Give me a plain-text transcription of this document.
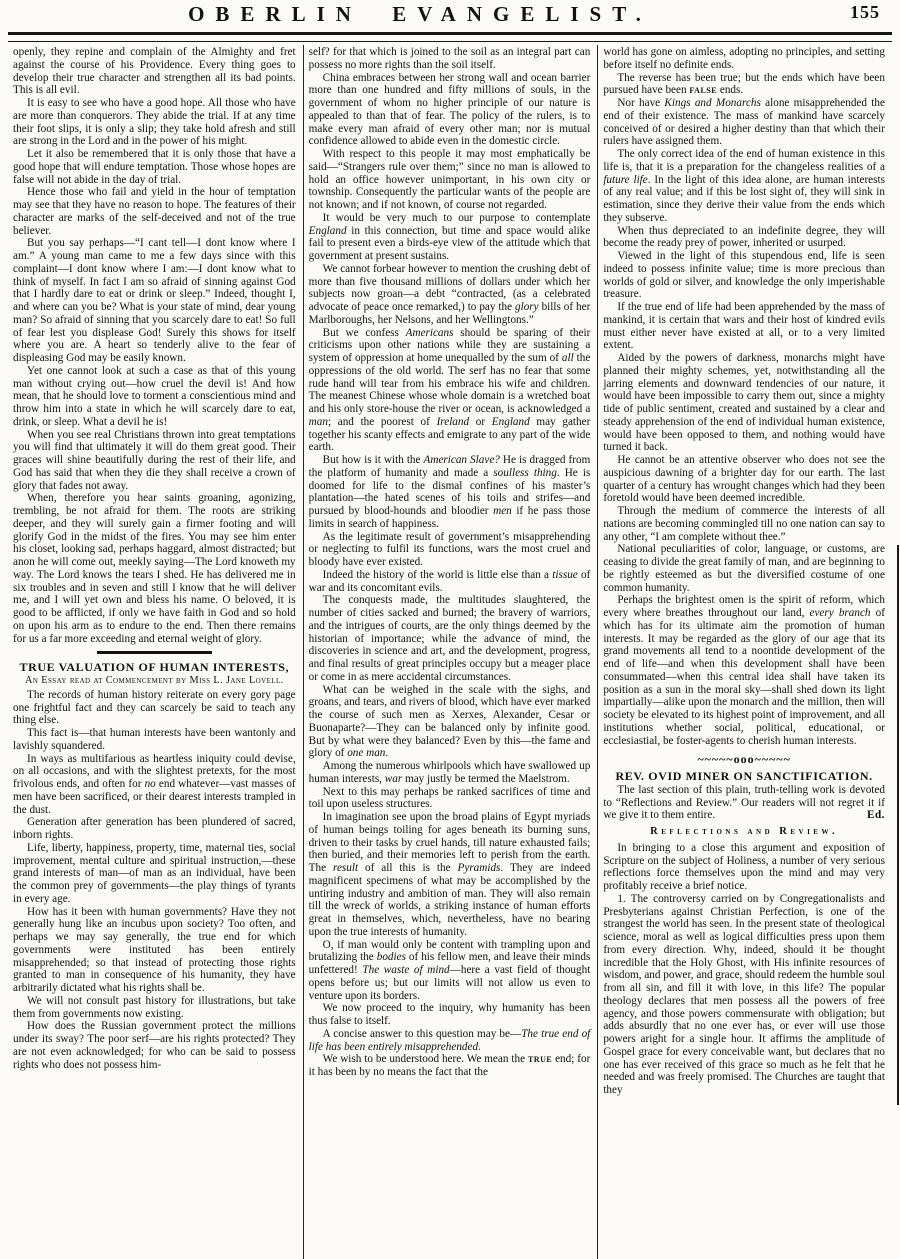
OBERLIN EVANGELIST.	155

openly, they repine and complain of the Almighty and fret against the course of his Providence. Every thing goes to develop their true character and strengthen all its bad points. This is all evil.

It is easy to see who have a good hope. All those who have are more than conquerors. They abide the trial. If at any time their foot slips, it is only a slip; they take hold afresh and still are strong in the Lord and in the power of his might.

Let it also be remembered that it is only those that have a good hope that will endure temptation. Those whose hopes are false will not abide in the day of trial.

Hence those who fail and yield in the hour of temptation may see that they have no reason to hope. The features of their character are marks of the self-deceived and not of the true believer.

But you say perhaps—“I cant tell—I dont know where I am.” A young man came to me a few days since with this complaint—I dont know where I am:—I dont know what to think of myself. In fact I am so afraid of sinning against God that I hardly dare to eat or drink or sleep.” Indeed, thought I, and where can you be? What is your state of mind, dear young man? So afraid of sinning that you scarcely dare to eat! So full of fear lest you displease God! Surely this shows for itself where you are. A heart so tenderly alive to the fear of displeasing God may be easily known.

Yet one cannot look at such a case as that of this young man without crying out—how cruel the devil is! And how mean, that he should love to torment a conscientious mind and throw him into a state in which he will scarcely dare to eat, drink, or sleep. What a devil he is!

When you see real Christians thrown into great temptations you will find that ultimately it will do them great good. Their graces will shine beautifully during the rest of their life, and God has said that when they die they shall receive a crown of glory that fades not away.

When, therefore you hear saints groaning, agonizing, trembling, be not afraid for them. The roots are striking deeper, and they will surely gain a firmer footing and will glorify God in the midst of the fires. You may see him enter his closet, looking sad, perhaps haggard, almost distracted; but anon he will come out, meekly saying—The Lord knoweth my way. The Lord knows the tears I shed. He has delivered me in six troubles and in seven and still I know that he will deliver me, and I will yet own and bless his name. O beloved, it is good to be afflicted, if only we have faith in God and so hold on upon his arm as to endure to the end. Then there remains for us a far more exceeding and eternal weight of glory.

TRUE VALUATION OF HUMAN INTERESTS,
An Essay read at Commencement by Miss L. Jane Lovell.

The records of human history reiterate on every gory page one frightful fact and they can scarcely be said to teach any thing else.

This fact is—that human interests have been wantonly and lavishly squandered.

In ways as multifarious as heartless iniquity could devise, on all occasions, and with the slightest pretexts, for the most frivolous ends, and often for no end whatever—vast masses of men have been sacrificed, or their dearest interests trampled in the dust.

Generation after generation has been plundered of sacred, inborn rights.

Life, liberty, happiness, property, time, maternal ties, social improvement, mental culture and spiritual instruction,—these grand interests of man—of man as an individual, have been the common prey of governments—the play things of tyrants in every age.

How has it been with human governments? Have they not generally hung like an incubus upon society? Too often, and perhaps we may say generally, the true end for which governments were instituted has been entirely misapprehended; so that instead of protecting those rights granted to man in consequence of his humanity, they have arbitrarily dictated what his rights shall be.

We will not consult past history for illustrations, but take them from governments now existing.

How does the Russian government protect the millions under its sway? The poor serf—are his rights protected? They are not even acknowledged; for who can be said to possess rights who does not possess him-

self? for that which is joined to the soil as an integral part can possess no more rights than the soil itself.

China embraces between her strong wall and ocean barrier more than one hundred and fifty millions of souls, in the government of whom no higher principle of our nature is appealed to than that of fear. The policy of the rulers, is to make every man afraid of every other man; nor is mutual confidence allowed to abide even in the domestic circle.

With respect to this people it may most emphatically be said—“Strangers rule over them;” since no man is allowed to hold an office however unimportant, in his own city or township. Consequently the particular wants of the people are not known; and if not known, of course not regarded.

It would be very much to our purpose to contemplate England in this connection, but time and space would alike fail to present even a birds-eye view of the attitude which that government at present sustains.

We cannot forbear however to mention the crushing debt of more than five thousand millions of dollars under which her subjects now groan—a debt “contracted, (as a celebrated advocate of peace once remarked,) to pay the glory bills of her Marlboroughs, her Nelsons, and her Wellingtons.”

But we confess Americans should be sparing of their criticisms upon other nations while they are sustaining a system of oppression at home unequalled by the sum of all the oppressions of the old world. The serf has no fear that some rude hand will tear from his embrace his wife and children. The meanest Chinese whose whole domain is a wretched boat and his only store-house the river or ocean, is acknowledged a man; and the poorest of Ireland or England may gather together his scanty effects and emigrate to any part of the wide earth.

But how is it with the American Slave? He is dragged from the platform of humanity and made a soulless thing. He is doomed for life to the dismal confines of his master’s plantation—the hated scenes of his toils and strifes—and pursued by blood-hounds and bloodier men if he pass those limits in search of happiness.

As the legitimate result of government’s misapprehending or neglecting to fulfil its functions, wars the most cruel and bloody have ever existed.

Indeed the history of the world is little else than a tissue of war and its concomitant evils.

The conquests made, the multitudes slaughtered, the number of cities sacked and burned; the bravery of warriors, and the intrigues of courts, are the only things deemed by the historian of importance; while the advance of mind, the discoveries in science and art, and the development, progress, and final results of great principles occupy but a meager place or come in as mere accidental circumstances.

What can be weighed in the scale with the sighs, and groans, and tears, and rivers of blood, which have ever marked the course of such men as Xerxes, Alexander, Cesar or Buonaparte?—They can be balanced only by infinite good. But by what were they balanced? Even by this—the fame and glory of one man.

Among the numerous whirlpools which have swallowed up human interests, war may justly be termed the Maelstrom.

Next to this may perhaps be ranked sacrifices of time and toil upon useless structures.

In imagination see upon the broad plains of Egypt myriads of human beings toiling for ages beneath its burning suns, driven to their tasks by cruel hands, till nature exhausted fails; then buried, and their memories left to perish from the earth. The result of all this is the Pyramids. They are indeed magnificent specimens of what may be accomplished by the untiring industry and ambition of man. They will also remain till the wreck of worlds, a striking instance of human efforts great in themselves, which, nevertheless, have no bearing upon the true interests of humanity.

O, if man would only be content with trampling upon and brutalizing the bodies of his fellow men, and leave their minds unfettered! The waste of mind—here a vast field of thought opens before us; but our limits will not allow us even to venture upon its borders.

We now proceed to the inquiry, why humanity has been thus false to itself.

A concise answer to this question may be—The true end of life has been entirely misapprehended.

We wish to be understood here. We mean the true end; for it has been by no means the fact that the

world has gone on aimless, adopting no principles, and setting before itself no definite ends.

The reverse has been true; but the ends which have been pursued have been false ends.

Nor have Kings and Monarchs alone misapprehended the end of their existence. The mass of mankind have scarcely conceived of or desired a higher destiny than that which their rulers have assigned them.

The only correct idea of the end of human existence in this life is, that it is a preparation for the changeless realities of a future life. In the light of this idea alone, are human interests of any real value; and if this be lost sight of, they will sink in estimation, since they derive their value from the ends which they subserve.

When thus depreciated to an indefinite degree, they will become the ready prey of power, inherited or usurped.

Viewed in the light of this stupendous end, life is seen indeed to possess infinite value; time is more precious than worlds of gold or silver, and knowledge the only imperishable treasure.

If the true end of life had been apprehended by the mass of mankind, it is certain that wars and their host of kindred evils must either never have existed at all, or to a very limited extent.

Aided by the powers of darkness, monarchs might have planned their mighty schemes, yet, notwithstanding all the jarring elements and downward tendencies of our nature, it would have been impossible to carry them out, since a mighty tide of public sentiment, created and sustained by a clear and steady apprehension of the end of individual human existence, would have been opposed to them, and nothing would have turned it back.

He cannot be an attentive observer who does not see the auspicious dawning of a brighter day for our earth. The last quarter of a century has wrought changes which had they been foretold would have been deemed incredible.

Through the medium of commerce the interests of all nations are becoming commingled till no one nation can say to any other, “I am complete without thee.”

National peculiarities of color, language, or customs, are ceasing to divide the great family of man, and are beginning to be rightly esteemed as but the diversified costume of one common humanity.

Perhaps the brightest omen is the spirit of reform, which every where breathes throughout our land, every branch of which has for its ultimate aim the promotion of human interests. It may be regarded as the glory of our age that its grand movements all tend to a noontide development of the end of life—and when this development shall have been consummated—when this central idea shall have taken its position as a sun in the moral sky—shall shed down its light impartially—alike upon the monarch and the million, then will society be elevated to its highest point of improvement, and all institutions whether social, political, educational, or ecclesiastial, be foster-agents to cherish human interests.

~~~~~ooo~~~~~
REV. OVID MINER ON SANCTIFICATION.

The last section of this plain, truth-telling work is devoted to “Reflections and Review.” Our readers will not regret it if we give it to them entire.	Ed.

Reflections and Review.

In bringing to a close this argument and exposition of Scripture on the subject of Holiness, a number of very serious reflections force themselves upon the mind and may very profitably receive a brief notice.

1. The controversy carried on by Congregationalists and Presbyterians against Christian Perfection, is one of the strangest the world has seen. In the present state of theological science, moral as well as logical difficulties press upon them from every direction. Why, indeed, should it be thought incredible that the Holy Ghost, with His infinite resources of wisdom, and power, and grace, should redeem the humble soul from all sin, and fill it with love, in this life? The popular theology declares that men possess all the powers of free agency, and those powers commensurate with obligation; but adds absurdly that no one ever has, or ever will use those powers aright for a single hour. It affirms the amplitude of Gospel grace for every conceivable want, but declares that no one has ever received of this grace so much as he felt that he needed and was freely promised. The Churches are taught that they
